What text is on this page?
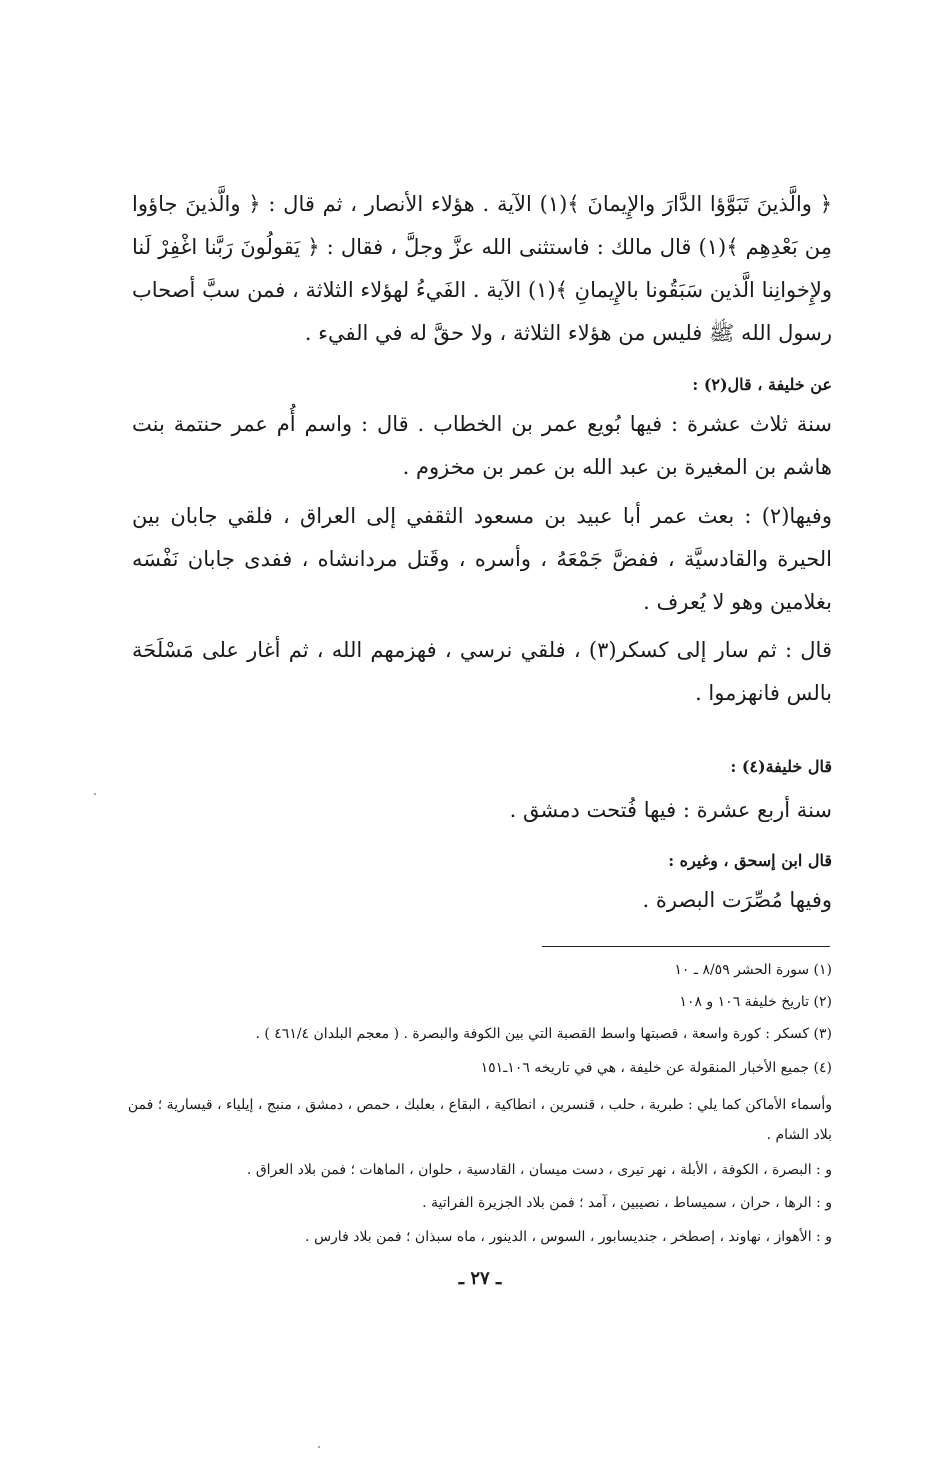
﴿ والَّذينَ تَبَوَّؤا الدَّارَ والإِيمانَ ﴾(١) الآية . هؤلاء الأنصار ، ثم قال : ﴿ والَّذينَ جاؤوا مِن بَعْدِهِم ﴾(١) قال مالك : فاستثنى الله عزَّ وجلَّ ، فقال : ﴿ يَقولُونَ رَبَّنا اغْفِرْ لَنا ولإِخوانِنا الَّذين سَبَقُونا بالإِيمانِ ﴾(١) الآية . الفَيءُ لهؤلاء الثلاثة ، فمن سبَّ أصحاب رسول الله ﷺ فليس من هؤلاء الثلاثة ، ولا حقَّ له في الفيء .
عن خليفة ، قال(٢) :
سنة ثلاث عشرة : فيها بُويع عمر بن الخطاب . قال : واسم أُم عمر حنتمة بنت هاشم بن المغيرة بن عبد الله بن عمر بن مخزوم .
وفيها(٢) : بعث عمر أبا عبيد بن مسعود الثقفي إلى العراق ، فلقي جابان بين الحيرة والقادسيَّة ، ففضَّ جَمْعَهُ ، وأسره ، وقَتل مردانشاه ، ففدى جابان نَفْسَه بغلامين وهو لا يُعرف .
قال : ثم سار إلى كسكر(٣) ، فلقي نرسي ، فهزمهم الله ، ثم أغار على مَسْلَحَة بالس فانهزموا .
قال خليفة(٤) :
سنة أربع عشرة : فيها فُتحت دمشق .
قال ابن إسحق ، وغيره :
وفيها مُصِّرَت البصرة .
(١) سورة الحشر ٨/٥٩ ـ ١٠
(٢) تاريخ خليفة ١٠٦ و ١٠٨
(٣) كسكر : كورة واسعة ، قصبتها واسط القصبة التي بين الكوفة والبصرة . ( معجم البلدان ٤٦١/٤ ) .
(٤) جميع الأخبار المنقولة عن خليفة ، هي في تاريخه ١٠٦ـ١٥١
وأسماء الأماكن كما يلي : طبرية ، حلب ، قنسرين ، انطاكية ، البقاع ، بعلبك ، حمص ، دمشق ، منبج ، إيلياء ، قيسارية ؛ فمن بلاد الشام .
و : البصرة ، الكوفة ، الأبلة ، نهر تيرى ، دست ميسان ، القادسية ، حلوان ، الماهات ؛ فمن بلاد العراق .
و : الرها ، حران ، سميساط ، نصيبين ، آمد ؛ فمن بلاد الجزيرة الفراتية .
و : الأهواز ، نهاوند ، إصطخر ، جنديسابور ، السوس ، الدينور ، ماه سبذان ؛ فمن بلاد فارس .
ـ ٢٧ ـ
